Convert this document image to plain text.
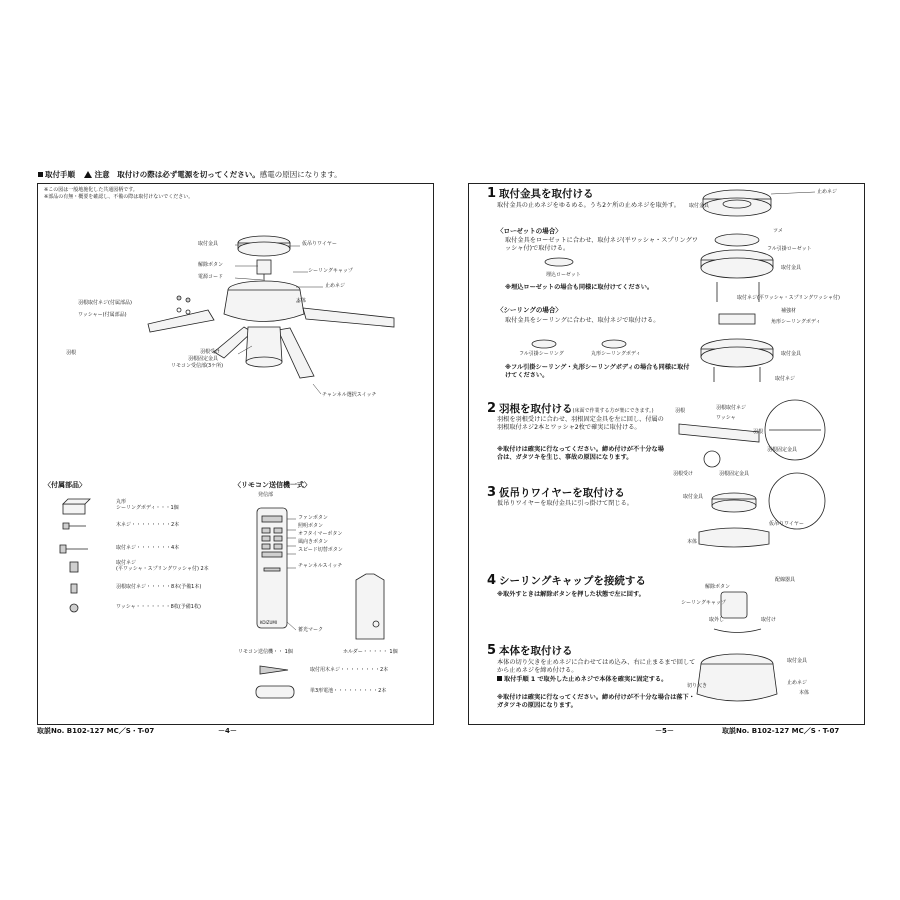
取付手順	注意 取付けの際は必ず電源を切ってください。感電の原因になります。
※この図は一般地施化した共通図柄です。
※部品の有無・概要を確認し、不備の際は取付けないでください。
取付金具
解除ボタン
電源コード
仮吊りワイヤー
シーリングキャップ
止めネジ
本体
羽根取付ネジ(付属部品)
ワッシャー(付属部品)
羽根	羽根受け
羽根固定金具
リモコン受信部(3ケ所)
チャンネル選択スイッチ
〈付属部品〉
丸形
シーリングボディ・・・1個
木ネジ・・・・・・・・2本
取付ネジ・・・・・・・4本
取付ネジ
(平ワッシャ・スプリングワッシャ付) 2本
羽根取付ネジ・・・・・8本(予備1本)
ワッシャ・・・・・・・8枚(予備1枚)
〈リモコン送信機一式〉
発信部
ファンボタン
照明ボタン
オフタイマーボタン
風向きボタン
スピード切替ボタン
チャンネルスイッチ
KOIZUMI
蓄光マーク
リモコン送信機・・ 1個	ホルダー・・・・・ 1個
取付用木ネジ・・・・・・・・2本
単3形電池・・・・・・・・・2本
1 取付金具を取付ける
取付金具の止めネジをゆるめる。うち2ケ所の止めネジを取外す。
〈ローゼットの場合〉
取付金具をローゼットに合わせ、取付ネジ(平ワッシャ・スプリングワッシャ付)で取付ける。
埋込ローゼット
※埋込ローゼットの場合も同様に取付けてください。
〈シーリングの場合〉
取付金具をシーリングに合わせ、取付ネジで取付ける。
フル引掛シーリング	丸形シーリングボディ
※フル引掛シーリング・丸形シーリングボディの場合も同様に取付けてください。
2 羽根を取付ける(床面で作業する方が楽にできます。)
羽根を羽根受けに合わせ、羽根固定金具を左に回し、付属の羽根取付ネジ2本とワッシャ2枚で確実に取付ける。
※取付けは確実に行なってください。締め付けが不十分な場合は、ガタツキを生じ、事故の原因になります。
3 仮吊りワイヤーを取付ける
仮吊りワイヤーを取付金具に引っ掛けて閉じる。
4 シーリングキャップを接続する
※取外すときは解除ボタンを押した状態で左に回す。
5 本体を取付ける
本体の切り欠きを止めネジに合わせてはめ込み、右に止まるまで回してから止めネジを締め付ける。
取付手順 1 で取外した止めネジで本体を確実に固定する。
※取付けは確実に行なってください。締め付けが不十分な場合は落下・ガタツキの原因になります。
止めネジ
取付金具
ツメ
フル引掛ローゼット
取付金具
取付ネジ(平ワッシャ・スプリングワッシャ付)
補強材
角形シーリングボディ
取付金具
取付ネジ
羽根取付ネジ
ワッシャ
羽根
羽根
羽根受け	羽根固定金具
羽根固定金具
取付金具
仮吊りワイヤー
本体
解除ボタン
配線器具
シーリングキャップ
取外し	取付け
取付金具
切り欠き	止めネジ
本体
取説No. B102-127 MC／S・T-07	－4－	－5－	取説No. B102-127 MC／S・T-07
